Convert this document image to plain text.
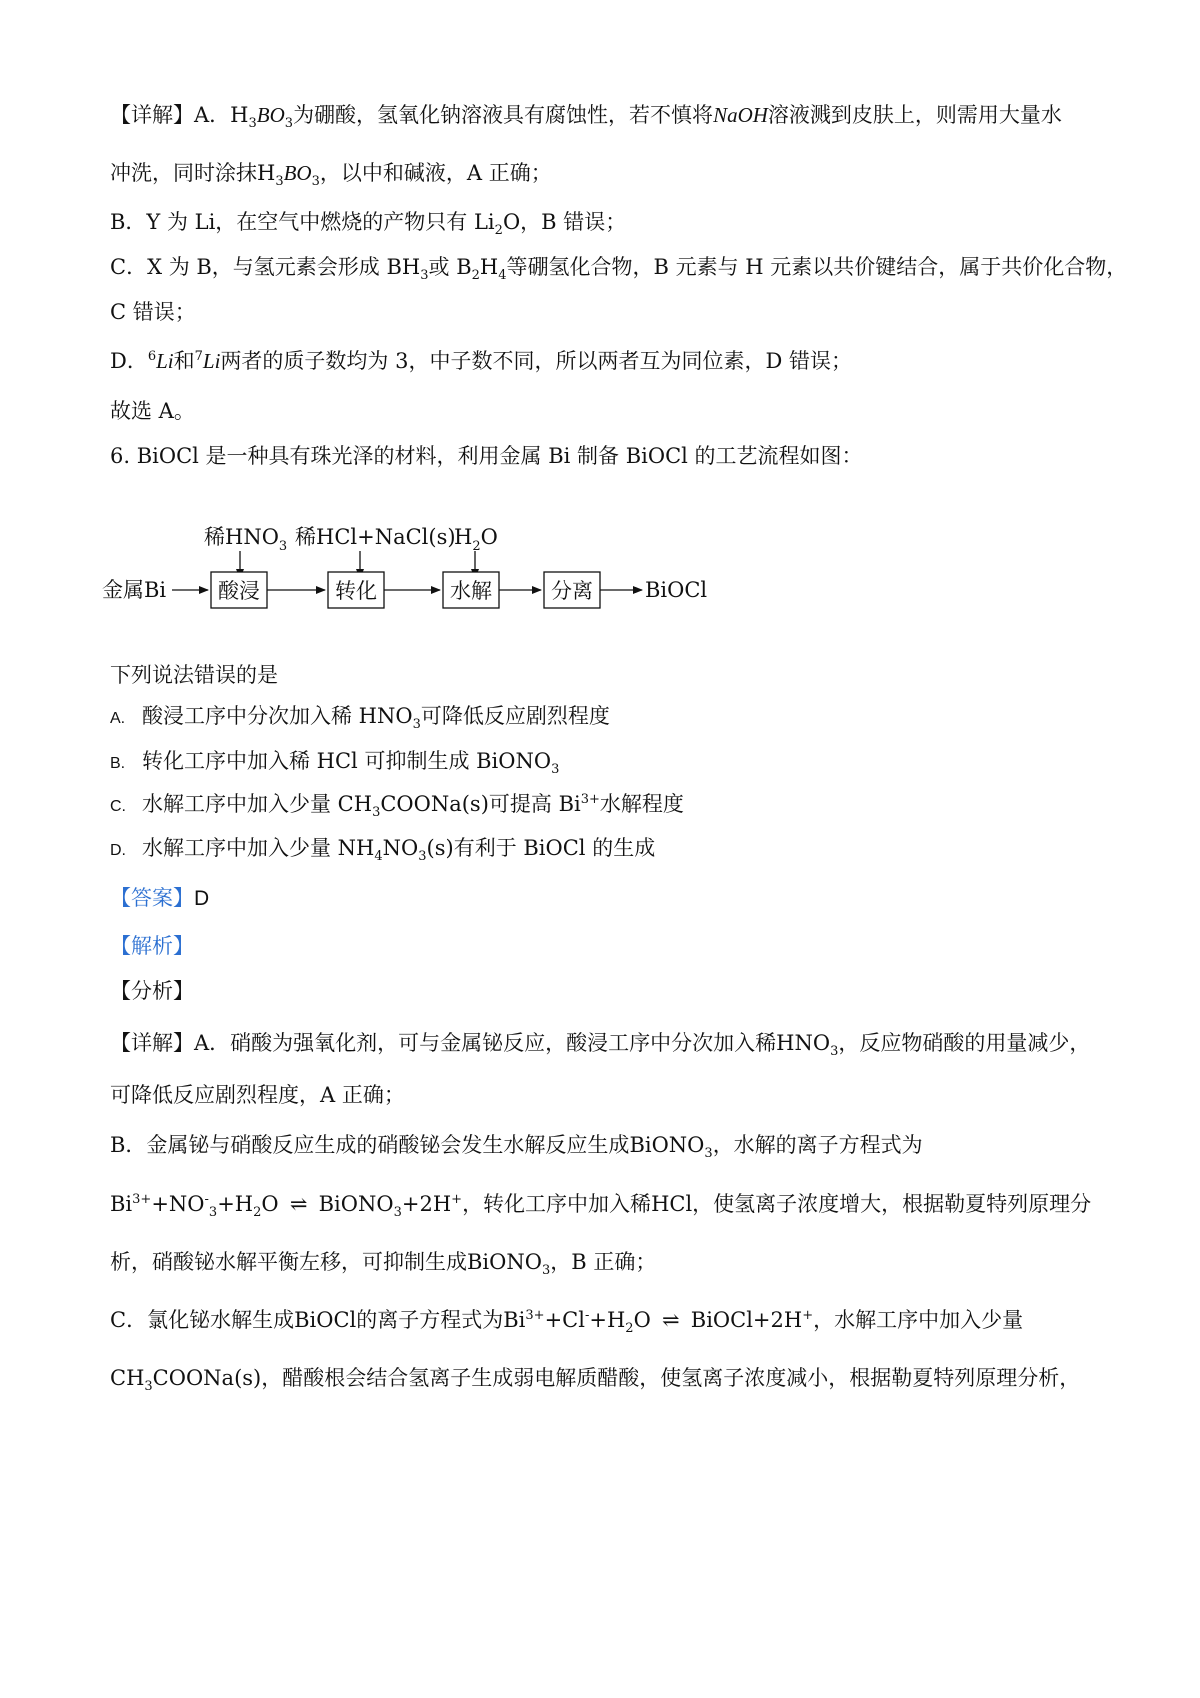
【详解】A．$H_3BO_3$为硼酸，氢氧化钠溶液具有腐蚀性，若不慎将NaOH溶液溅到皮肤上，则需用大量水
冲洗，同时涂抹$H_3BO_3$，以中和碱液，A 正确；
B．Y 为 Li，在空气中燃烧的产物只有 $Li_2O$，B 错误；
C．X 为 B，与氢元素会形成 $BH_3$或 $B_2H_4$等硼氢化合物，B 元素与 H 元素以共价键结合，属于共价化合物，
C 错误；
D．$^6$Li和$^7$Li两者的质子数均为 3，中子数不同，所以两者互为同位素，D 错误；
故选 A。
6. BiOCl 是一种具有珠光泽的材料，利用金属 Bi 制备 BiOCl 的工艺流程如图：
稀$HNO_3$ 稀HCl+NaCl(s)
$H_2O$
金属Bi 酸浸	转化	水解	分离 BiOCl
下列说法错误的是
A. 酸浸工序中分次加入稀 $HNO_3$可降低反应剧烈程度
B. 转化工序中加入稀 HCl 可抑制生成 BiONO$_3$
C. 水解工序中加入少量 $CH_3COONa(s)$可提高 $Bi^{3+}$水解程度
D. 水解工序中加入少量 $NH_4NO_3(s)$有利于 BiOCl 的生成
【答案】D
【解析】
【分析】
【详解】A．硝酸为强氧化剂，可与金属铋反应，酸浸工序中分次加入稀$HNO_3$，反应物硝酸的用量减少，
可降低反应剧烈程度，A 正确；
B．金属铋与硝酸反应生成的硝酸铋会发生水解反应生成BiONO$_3$，水解的离子方程式为
$Bi^{3+}+NO^-_3+H_2O$ ⇌ BiONO$_3$+2H+，转化工序中加入稀HCl，使氢离子浓度增大，根据勒夏特列原理分
析，硝酸铋水解平衡左移，可抑制生成BiONO$_3$，B 正确；
C．氯化铋水解生成BiOCl的离子方程式为$Bi^{3+}+Cl^-+H_2O$ ⇌ BiOCl+2H+，水解工序中加入少量
$CH_3COONa(s)$，醋酸根会结合氢离子生成弱电解质醋酸，使氢离子浓度减小，根据勒夏特列原理分析，
